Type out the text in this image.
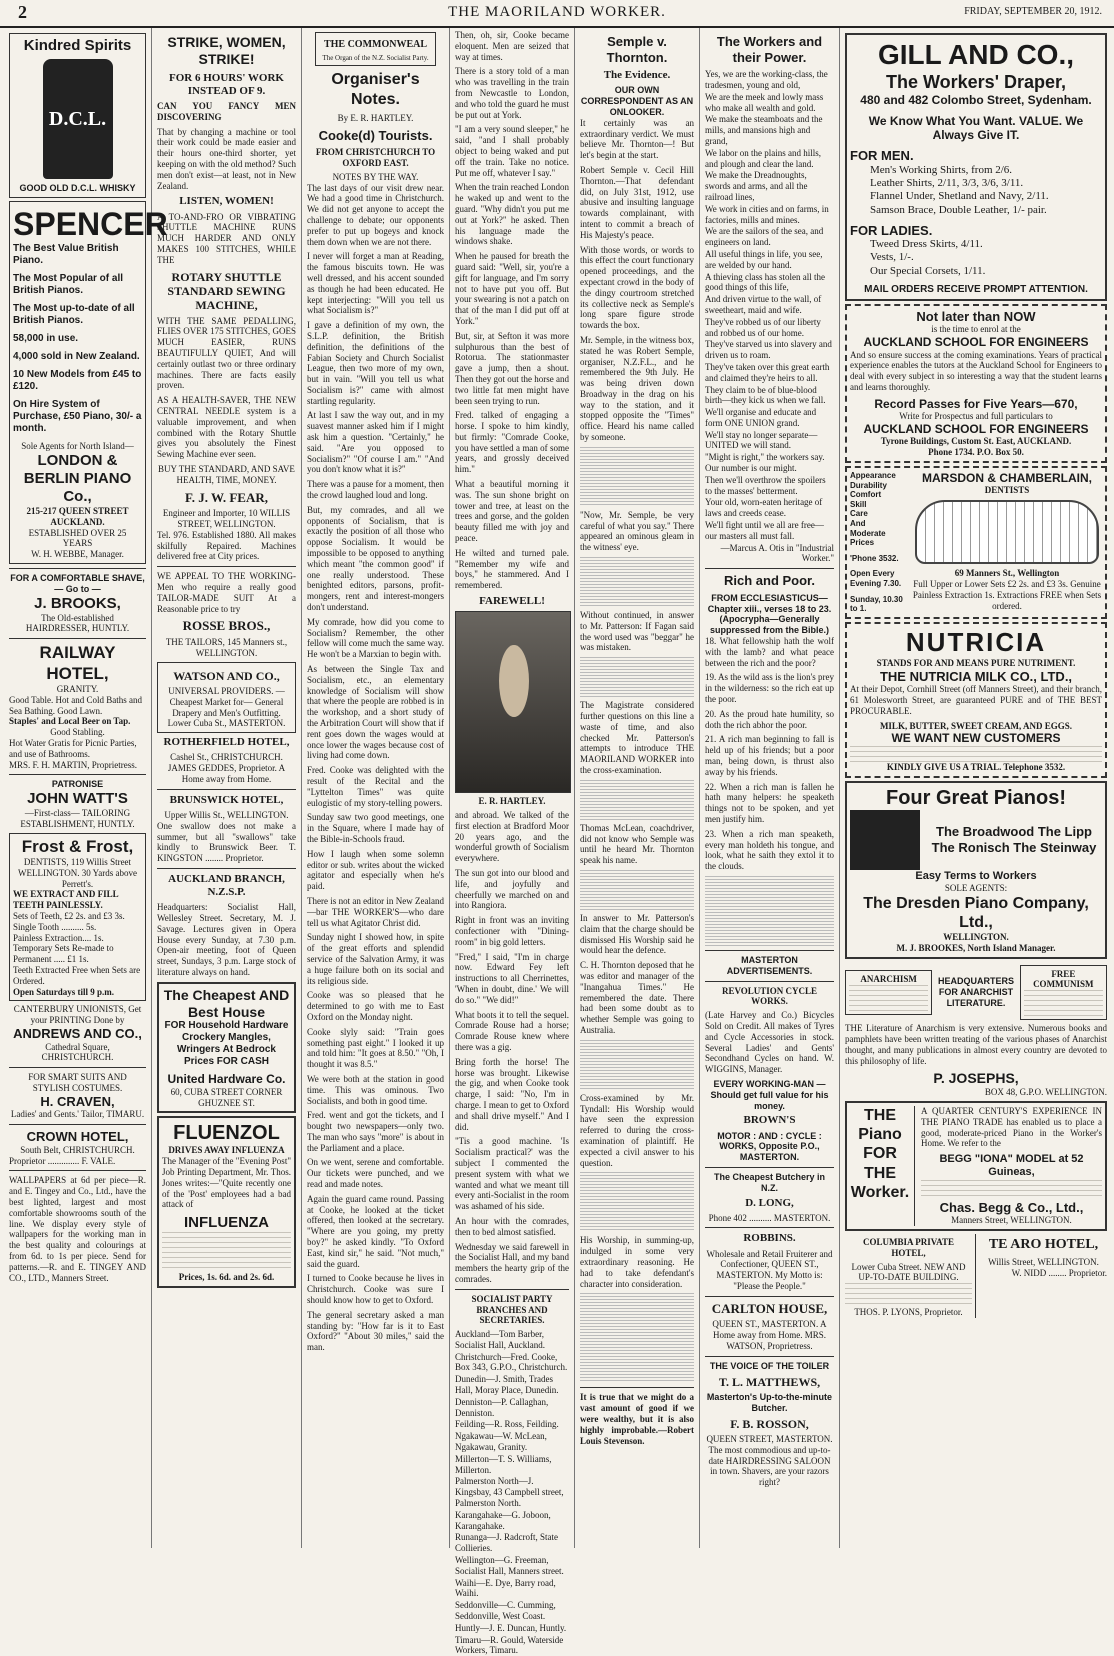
2	THE MAORILAND WORKER.	FRIDAY, SEPTEMBER 20, 1912.
Kindred Spirits
D.C.L.
GOOD OLD D.C.L. WHISKY
SPENCER
The Best Value British Piano.
The Most Popular of all British Pianos.
The Most up-to-date of all British Pianos.
58,000 in use.
4,000 sold in New Zealand.
10 New Models from £45 to £120.
On Hire System of Purchase, £50 Piano, 30/- a month.
Sole Agents for North Island—
LONDON & BERLIN PIANO Co.,
215-217 QUEEN STREET AUCKLAND.
ESTABLISHED OVER 25 YEARS
W. H. WEBBE, Manager.
FOR A COMFORTABLE SHAVE, — Go to —
J. BROOKS,
The Old-established HAIRDRESSER, HUNTLY.
RAILWAY HOTEL,
GRANITY.
Good Table. Hot and Cold Baths and Sea Bathing. Good Lawn.
Staples' and Local Beer on Tap.
Good Stabling.
Hot Water Gratis for Picnic Parties, and use of Bathrooms.
MRS. F. H. MARTIN, Proprietress.
PATRONISE
JOHN WATT'S
—First-class— TAILORING ESTABLISHMENT, HUNTLY.
Frost & Frost,
DENTISTS, 119 Willis Street WELLINGTON. 30 Yards above Perrett's.
WE EXTRACT AND FILL TEETH PAINLESSLY.
Sets of Teeth, £2 2s. and £3 3s.
Single Tooth .......... 5s.
Painless Extraction.... 1s.
Temporary Sets Re-made to Permanent ..... £1 1s.
Teeth Extracted Free when Sets are Ordered.
Open Saturdays till 9 p.m.
CANTERBURY UNIONISTS, Get your PRINTING Done by
ANDREWS AND CO.,
Cathedral Square, CHRISTCHURCH.
FOR SMART SUITS AND STYLISH COSTUMES.
H. CRAVEN,
Ladies' and Gents.' Tailor, TIMARU.
CROWN HOTEL,
South Belt, CHRISTCHURCH.
Proprietor .............. F. VALE.

WALLPAPERS at 6d per piece—R. and E. Tingey and Co., Ltd., have the best lighted, largest and most comfortable showrooms south of the line. We display every style of wallpapers for the working man in the best quality and colourings at from 6d. to 1s per piece. Send for patterns.—R. and E. TINGEY AND CO., LTD., Manners Street.

STRIKE, WOMEN, STRIKE!
FOR 6 HOURS' WORK INSTEAD OF 9.

CAN YOU FANCY MEN DISCOVERING

That by changing a machine or tool their work could be made easier and their hours one-third shorter, yet keeping on with the old method? Such men don't exist—at least, not in New Zealand.

LISTEN, WOMEN!

A TO-AND-FRO OR VIBRATING SHUTTLE MACHINE RUNS MUCH HARDER AND ONLY MAKES 100 STITCHES, WHILE THE

ROTARY SHUTTLE STANDARD SEWING MACHINE,

WITH THE SAME PEDALLING, FLIES OVER 175 STITCHES, GOES MUCH EASIER, RUNS BEAUTIFULLY QUIET, And will certainly outlast two or three ordinary machines. There are facts easily proven.

AS A HEALTH-SAVER, THE NEW CENTRAL NEEDLE system is a valuable improvement, and when combined with the Rotary Shuttle gives you absolutely the Finest Sewing Machine ever seen.

BUY THE STANDARD, AND SAVE HEALTH, TIME, MONEY.

F. J. W. FEAR,
Engineer and Importer, 10 WILLIS STREET, WELLINGTON.

Tel. 976. Established 1880. All makes skilfully Repaired. Machines delivered free at City prices.

WE APPEAL TO THE WORKING-Men who require a really good TAILOR-MADE SUIT At a Reasonable price to try

ROSSE BROS.,
THE TAILORS, 145 Manners st., WELLINGTON.
WATSON AND CO.,
UNIVERSAL PROVIDERS. —Cheapest Market for— General Drapery and Men's Outfitting. Lower Cuba St., MASTERTON.
ROTHERFIELD HOTEL,
Cashel St., CHRISTCHURCH. JAMES GEDDES, Proprietor. A Home away from Home.
BRUNSWICK HOTEL,
Upper Willis St., WELLINGTON.

One swallow does not make a summer, but all "swallows" take kindly to Brunswick Beer. T. KINGSTON ........ Proprietor.

AUCKLAND BRANCH, N.Z.S.P.

Headquarters: Socialist Hall, Wellesley Street. Secretary, M. J. Savage. Lectures given in Opera House every Sunday, at 7.30 p.m. Open-air meeting, foot of Queen street, Sundays, 3 p.m. Large stock of literature always on hand.

The Cheapest AND Best House
FOR Household Hardware Crockery Mangles, Wringers At Bedrock Prices FOR CASH
United Hardware Co.
60, CUBA STREET CORNER GHUZNEE ST.
FLUENZOL
DRIVES AWAY INFLUENZA

The Manager of the "Evening Post" Job Printing Department, Mr. Thos. Jones writes:—"Quite recently one of the 'Post' employees had a bad attack of

INFLUENZA
Prices, 1s. 6d. and 2s. 6d.
THE COMMONWEAL
The Organ of the N.Z. Socialist Party.
Organiser's Notes.
By E. R. HARTLEY.
Cooke(d) Tourists.
FROM CHRISTCHURCH TO OXFORD EAST.
NOTES BY THE WAY.

The last days of our visit drew near. We had a good time in Christchurch. We did not get anyone to accept the challenge to debate; our opponents prefer to put up bogeys and knock them down when we are not there.

I never will forget a man at Reading, the famous biscuits town. He was well dressed, and his accent sounded as though he had been educated. He kept interjecting: "Will you tell us what Socialism is?"

I gave a definition of my own, the S.L.P. definition, the British definition, the definitions of the Fabian Society and Church Socialist League, then two more of my own, but in vain. "Will you tell us what Socialism is?" came with almost startling regularity.

At last I saw the way out, and in my suavest manner asked him if I might ask him a question. "Certainly," he said. "Are you opposed to Socialism?" "Of course I am." "And you don't know what it is?"

There was a pause for a moment, then the crowd laughed loud and long.

But, my comrades, and all we opponents of Socialism, that is exactly the position of all those who oppose Socialism. It would be impossible to be opposed to anything which meant "the common good" if one really understood. These benighted editors, parsons, profit-mongers, rent and interest-mongers don't understand.

My comrade, how did you come to Socialism? Remember, the other fellow will come much the same way. He won't be a Marxian to begin with.

As between the Single Tax and Socialism, etc., an elementary knowledge of Socialism will show that where the people are robbed is in the workshop, and a short study of the Arbitration Court will show that if rent goes down the wages would at once lower the wages because cost of living had come down.

Fred. Cooke was delighted with the result of the Recital and the "Lyttelton Times" was quite eulogistic of my story-telling powers.

Sunday saw two good meetings, one in the Square, where I made hay of the Bible-in-Schools fraud.

How I laugh when some solemn editor or sub. writes about the wicked agitator and especially when he's paid.

There is not an editor in New Zealand—bar THE WORKER'S—who dare tell us what Agitator Christ did.

Sunday night I showed how, in spite of the great efforts and splendid service of the Salvation Army, it was a huge failure both on its social and its religious side.

Cooke was so pleased that he determined to go with me to East Oxford on the Monday night.

Cooke slyly said: "Train goes something past eight." I looked it up and told him: "It goes at 8.50." "Oh, I thought it was 8.5."

We were both at the station in good time. This was ominous. Two Socialists, and both in good time.

Fred. went and got the tickets, and I bought two newspapers—only two. The man who says "more" is about in the Parliament and a place.

On we went, serene and comfortable. Our tickets were punched, and we read and made notes.

Again the guard came round. Passing at Cooke, he looked at the ticket offered, then looked at the secretary. "Where are you going, my pretty boy?" he asked kindly. "To Oxford East, kind sir," he said. "Not much," said the guard.

I turned to Cooke because he lives in Christchurch. Cooke was sure I should know how to get to Oxford.

The general secretary asked a man standing by: "How far is it to East Oxford?" "About 30 miles," said the man.

Then, oh, sir, Cooke became eloquent. Men are seized that way at times.

There is a story told of a man who was travelling in the train from Newcastle to London, and who told the guard he must be put out at York.

"I am a very sound sleeper," he said, "and I shall probably object to being waked and put off the train. Take no notice. Put me off, whatever I say."

When the train reached London he waked up and went to the guard. "Why didn't you put me out at York?" he asked. Then his language made the windows shake.

When he paused for breath the guard said: "Well, sir, you're a gift for language, and I'm sorry not to have put you off. But your swearing is not a patch on that of the man I did put off at York."

But, sir, at Sefton it was more sulphurous than the best of Rotorua. The stationmaster gave a jump, then a shout. Then they got out the horse and two little fat men might have been seen trying to run.

Fred. talked of engaging a horse. I spoke to him kindly, but firmly: "Comrade Cooke, you have settled a man of some years, and grossly deceived him."

What a beautiful morning it was. The sun shone bright on tower and tree, at least on the trees and gorse, and the golden beauty filled me with joy and peace.

He wilted and turned pale. "Remember my wife and boys," he stammered. And I remembered.

FAREWELL!
E. R. HARTLEY.

and abroad. We talked of the first election at Bradford Moor 20 years ago, and the wonderful growth of Socialism everywhere.

The sun got into our blood and life, and joyfully and cheerfully we marched on and into Rangiora.

Right in front was an inviting confectioner with "Dining-room" in big gold letters.

"Fred," I said, "I'm in charge now. Edward Fey left instructions to all Cherrinettes, 'When in doubt, dine.' We will do so." "We did!"

What boots it to tell the sequel. Comrade Rouse had a horse; Comrade Rouse knew where there was a gig.

Bring forth the horse! The horse was brought. Likewise the gig, and when Cooke took charge, I said: "No, I'm in charge. I mean to get to Oxford and shall drive myself." And I did.

"Tis a good machine. 'Is Socialism practical?' was the subject I commented the present system with what we wanted and what we meant till every anti-Socialist in the room was ashamed of his side.

An hour with the comrades, then to bed almost satisfied.

Wednesday we said farewell in the Socialist Hall, and my band members the hearty grip of the comrades.

SOCIALIST PARTY BRANCHES AND SECRETARIES.
Auckland—Tom Barber, Socialist Hall, Auckland.
Christchurch—Fred. Cooke, Box 343, G.P.O., Christchurch.
Dunedin—J. Smith, Trades Hall, Moray Place, Dunedin.
Denniston—P. Callaghan, Denniston.
Feilding—R. Ross, Feilding.
Ngakawau—W. McLean, Ngakawau, Granity.
Millerton—T. S. Williams, Millerton.
Palmerston North—J. Kingsbay, 43 Campbell street, Palmerston North.
Karangahake—G. Joboon, Karangahake.
Runanga—J. Radcroft, State Collieries.
Wellington—G. Freeman, Socialist Hall, Manners street.
Waihi—E. Dye, Barry road, Waihi.
Seddonville—C. Cumming, Seddonville, West Coast.
Huntly—J. E. Duncan, Huntly.
Timaru—R. Gould, Waterside Workers, Timaru.
Semple v. Thornton.
The Evidence.
OUR OWN CORRESPONDENT AS AN ONLOOKER.

It certainly was an extraordinary verdict. We must believe Mr. Thornton—! But let's begin at the start.

Robert Semple v. Cecil Hill Thornton.—That defendant did, on July 31st, 1912, use abusive and insulting language towards complainant, with intent to commit a breach of His Majesty's peace.

With those words, or words to this effect the court functionary opened proceedings, and the expectant crowd in the body of the dingy courtroom stretched its collective neck as Semple's long spare figure strode towards the box.

Mr. Semple, in the witness box, stated he was Robert Semple, organiser, N.Z.F.L., and he remembered the 9th July. He was being driven down Broadway in the drag on his way to the station, and it stopped opposite the "Times" office. Heard his name called by someone.

"Now, Mr. Semple, be very careful of what you say." There appeared an ominous gleam in the witness' eye.

Without continued, in answer to Mr. Patterson: If Fagan said the word used was "beggar" he was mistaken.

The Magistrate considered further questions on this line a waste of time, and also checked Mr. Patterson's attempts to introduce THE MAORILAND WORKER into the cross-examination.

Thomas McLean, coachdriver, did not know who Semple was until he heard Mr. Thornton speak his name.

In answer to Mr. Patterson's claim that the charge should be dismissed His Worship said he would hear the defence.

C. H. Thornton deposed that he was editor and manager of the "Inangahua Times." He remembered the date. There had been some doubt as to whether Semple was going to Australia.

Cross-examined by Mr. Tyndall: His Worship would have seen the expression referred to during the cross-examination of plaintiff. He expected a civil answer to his question.

His Worship, in summing-up, indulged in some very extraordinary reasoning. He had to take defendant's character into consideration.

It is true that we might do a vast amount of good if we were wealthy, but it is also highly improbable.—Robert Louis Stevenson.

The Workers and their Power.
Yes, we are the working-class, the tradesmen, young and old,
We are the meek and lowly mass who make all wealth and gold.
We make the steamboats and the mills, and mansions high and grand,
We labor on the plains and hills, and plough and clear the land.
We make the Dreadnoughts, swords and arms, and all the railroad lines,
We work in cities and on farms, in factories, mills and mines.
We are the sailors of the sea, and engineers on land.
All useful things in life, you see, are welded by our hand.
A thieving class has stolen all the good things of this life,
And driven virtue to the wall, of sweetheart, maid and wife.
They've robbed us of our liberty and robbed us of our home.
They've starved us into slavery and driven us to roam.
They've taken over this great earth and claimed they're heirs to all.
They claim to be of blue-blood birth—they kick us when we fall.
We'll organise and educate and form ONE UNION grand.
We'll stay no longer separate—UNITED we will stand.
"Might is right," the workers say. Our number is our might.
Then we'll overthrow the spoilers to the masses' betterment.
Your old, worn-eaten heritage of laws and creeds cease.
We'll fight until we all are free—our masters all must fall.
—Marcus A. Otis in "Industrial Worker."
Rich and Poor.
FROM ECCLESIASTICUS— Chapter xiii., verses 18 to 23.
(Apocrypha—Generally suppressed from the Bible.)

18. What fellowship hath the wolf with the lamb? and what peace between the rich and the poor?

19. As the wild ass is the lion's prey in the wilderness: so the rich eat up the poor.

20. As the proud hate humility, so doth the rich abhor the poor.

21. A rich man beginning to fall is held up of his friends; but a poor man, being down, is thrust also away by his friends.

22. When a rich man is fallen he hath many helpers: he speaketh things not to be spoken, and yet men justify him.

23. When a rich man speaketh, every man holdeth his tongue, and look, what he saith they extol it to the clouds.

MASTERTON ADVERTISEMENTS.
REVOLUTION CYCLE WORKS.

(Late Harvey and Co.) Bicycles Sold on Credit. All makes of Tyres and Cycle Accessories in stock. Several Ladies' and Gents' Secondhand Cycles on hand. W. WIGGINS, Manager.

EVERY WORKING-MAN — Should get full value for his money.
BROWN'S
MOTOR : AND : CYCLE : WORKS, Opposite P.O., MASTERTON.
The Cheapest Butchery in N.Z.
D. LONG,
Phone 402 .......... MASTERTON.
ROBBINS.
Wholesale and Retail Fruiterer and Confectioner, QUEEN ST., MASTERTON. My Motto is: "Please the People."
CARLTON HOUSE,
QUEEN ST., MASTERTON. A Home away from Home. MRS. WATSON, Proprietress.
THE VOICE OF THE TOILER
T. L. MATTHEWS,
Masterton's Up-to-the-minute Butcher.
F. B. ROSSON,
QUEEN STREET, MASTERTON. The most commodious and up-to-date HAIRDRESSING SALOON in town. Shavers, are your razors right?
GILL AND CO.,
The Workers' Draper,
480 and 482 Colombo Street, Sydenham.
We Know What You Want. VALUE. We Always Give IT.
FOR MEN.
Men's Working Shirts, from 2/6.
Leather Shirts, 2/11, 3/3, 3/6, 3/11.
Flannel Under, Shetland and Navy, 2/11.
Samson Brace, Double Leather, 1/- pair.
FOR LADIES.
Tweed Dress Skirts, 4/11.
Vests, 1/-.
Our Special Corsets, 1/11.
MAIL ORDERS RECEIVE PROMPT ATTENTION.
Not later than NOW
is the time to enrol at the
AUCKLAND SCHOOL FOR ENGINEERS

And so ensure success at the coming examinations. Years of practical experience enables the tutors at the Auckland School for Engineers to deal with every subject in so interesting a way that the student learns and learns thoroughly.

Record Passes for Five Years—670,
Write for Prospectus and full particulars to
AUCKLAND SCHOOL FOR ENGINEERS
Tyrone Buildings, Custom St. East, AUCKLAND.
Phone 1734. P.O. Box 50.
Appearance
Durability
Comfort
Skill
Care
And
Moderate
Prices
'Phone 3532.
Open Every Evening 7.30.
Sunday, 10.30 to 1.
MARSDON & CHAMBERLAIN,
DENTISTS
69 Manners St., Wellington
Full Upper or Lower Sets £2 2s. and £3 3s. Genuine Painless Extraction 1s. Extractions FREE when Sets ordered.
NUTRICIA
STANDS FOR AND MEANS PURE NUTRIMENT.
THE NUTRICIA MILK CO., LTD.,

At their Depot, Cornhill Street (off Manners Street), and their branch, 61 Molesworth Street, are guaranteed PURE and of THE BEST PROCURABLE.

MILK, BUTTER, SWEET CREAM, AND EGGS.
WE WANT NEW CUSTOMERS
KINDLY GIVE US A TRIAL. Telephone 3532.
Four Great Pianos!
The Broadwood The Lipp The Ronisch The Steinway
Easy Terms to Workers
SOLE AGENTS:
The Dresden Piano Company, Ltd.,
WELLINGTON.
M. J. BROOKES, North Island Manager.
ANARCHISM	HEADQUARTERS FOR ANARCHIST LITERATURE.
FREE COMMUNISM

THE Literature of Anarchism is very extensive. Numerous books and pamphlets have been written treating of the various phases of Anarchist thought, and many publications in almost every country are devoted to this philosophy of life.

P. JOSEPHS,
BOX 48, G.P.O. WELLINGTON.
THE Piano FOR THE Worker.

A QUARTER CENTURY'S EXPERIENCE IN THE PIANO TRADE has enabled us to place a good, moderate-priced Piano in the Worker's Home. We refer to the

BEGG "IONA" MODEL at 52 Guineas,
Chas. Begg & Co., Ltd.,
Manners Street, WELLINGTON.
COLUMBIA PRIVATE HOTEL,
Lower Cuba Street. NEW AND UP-TO-DATE BUILDING.
THOS. P. LYONS, Proprietor.
TE ARO HOTEL,
Willis Street, WELLINGTON.
W. NIDD ........ Proprietor.
